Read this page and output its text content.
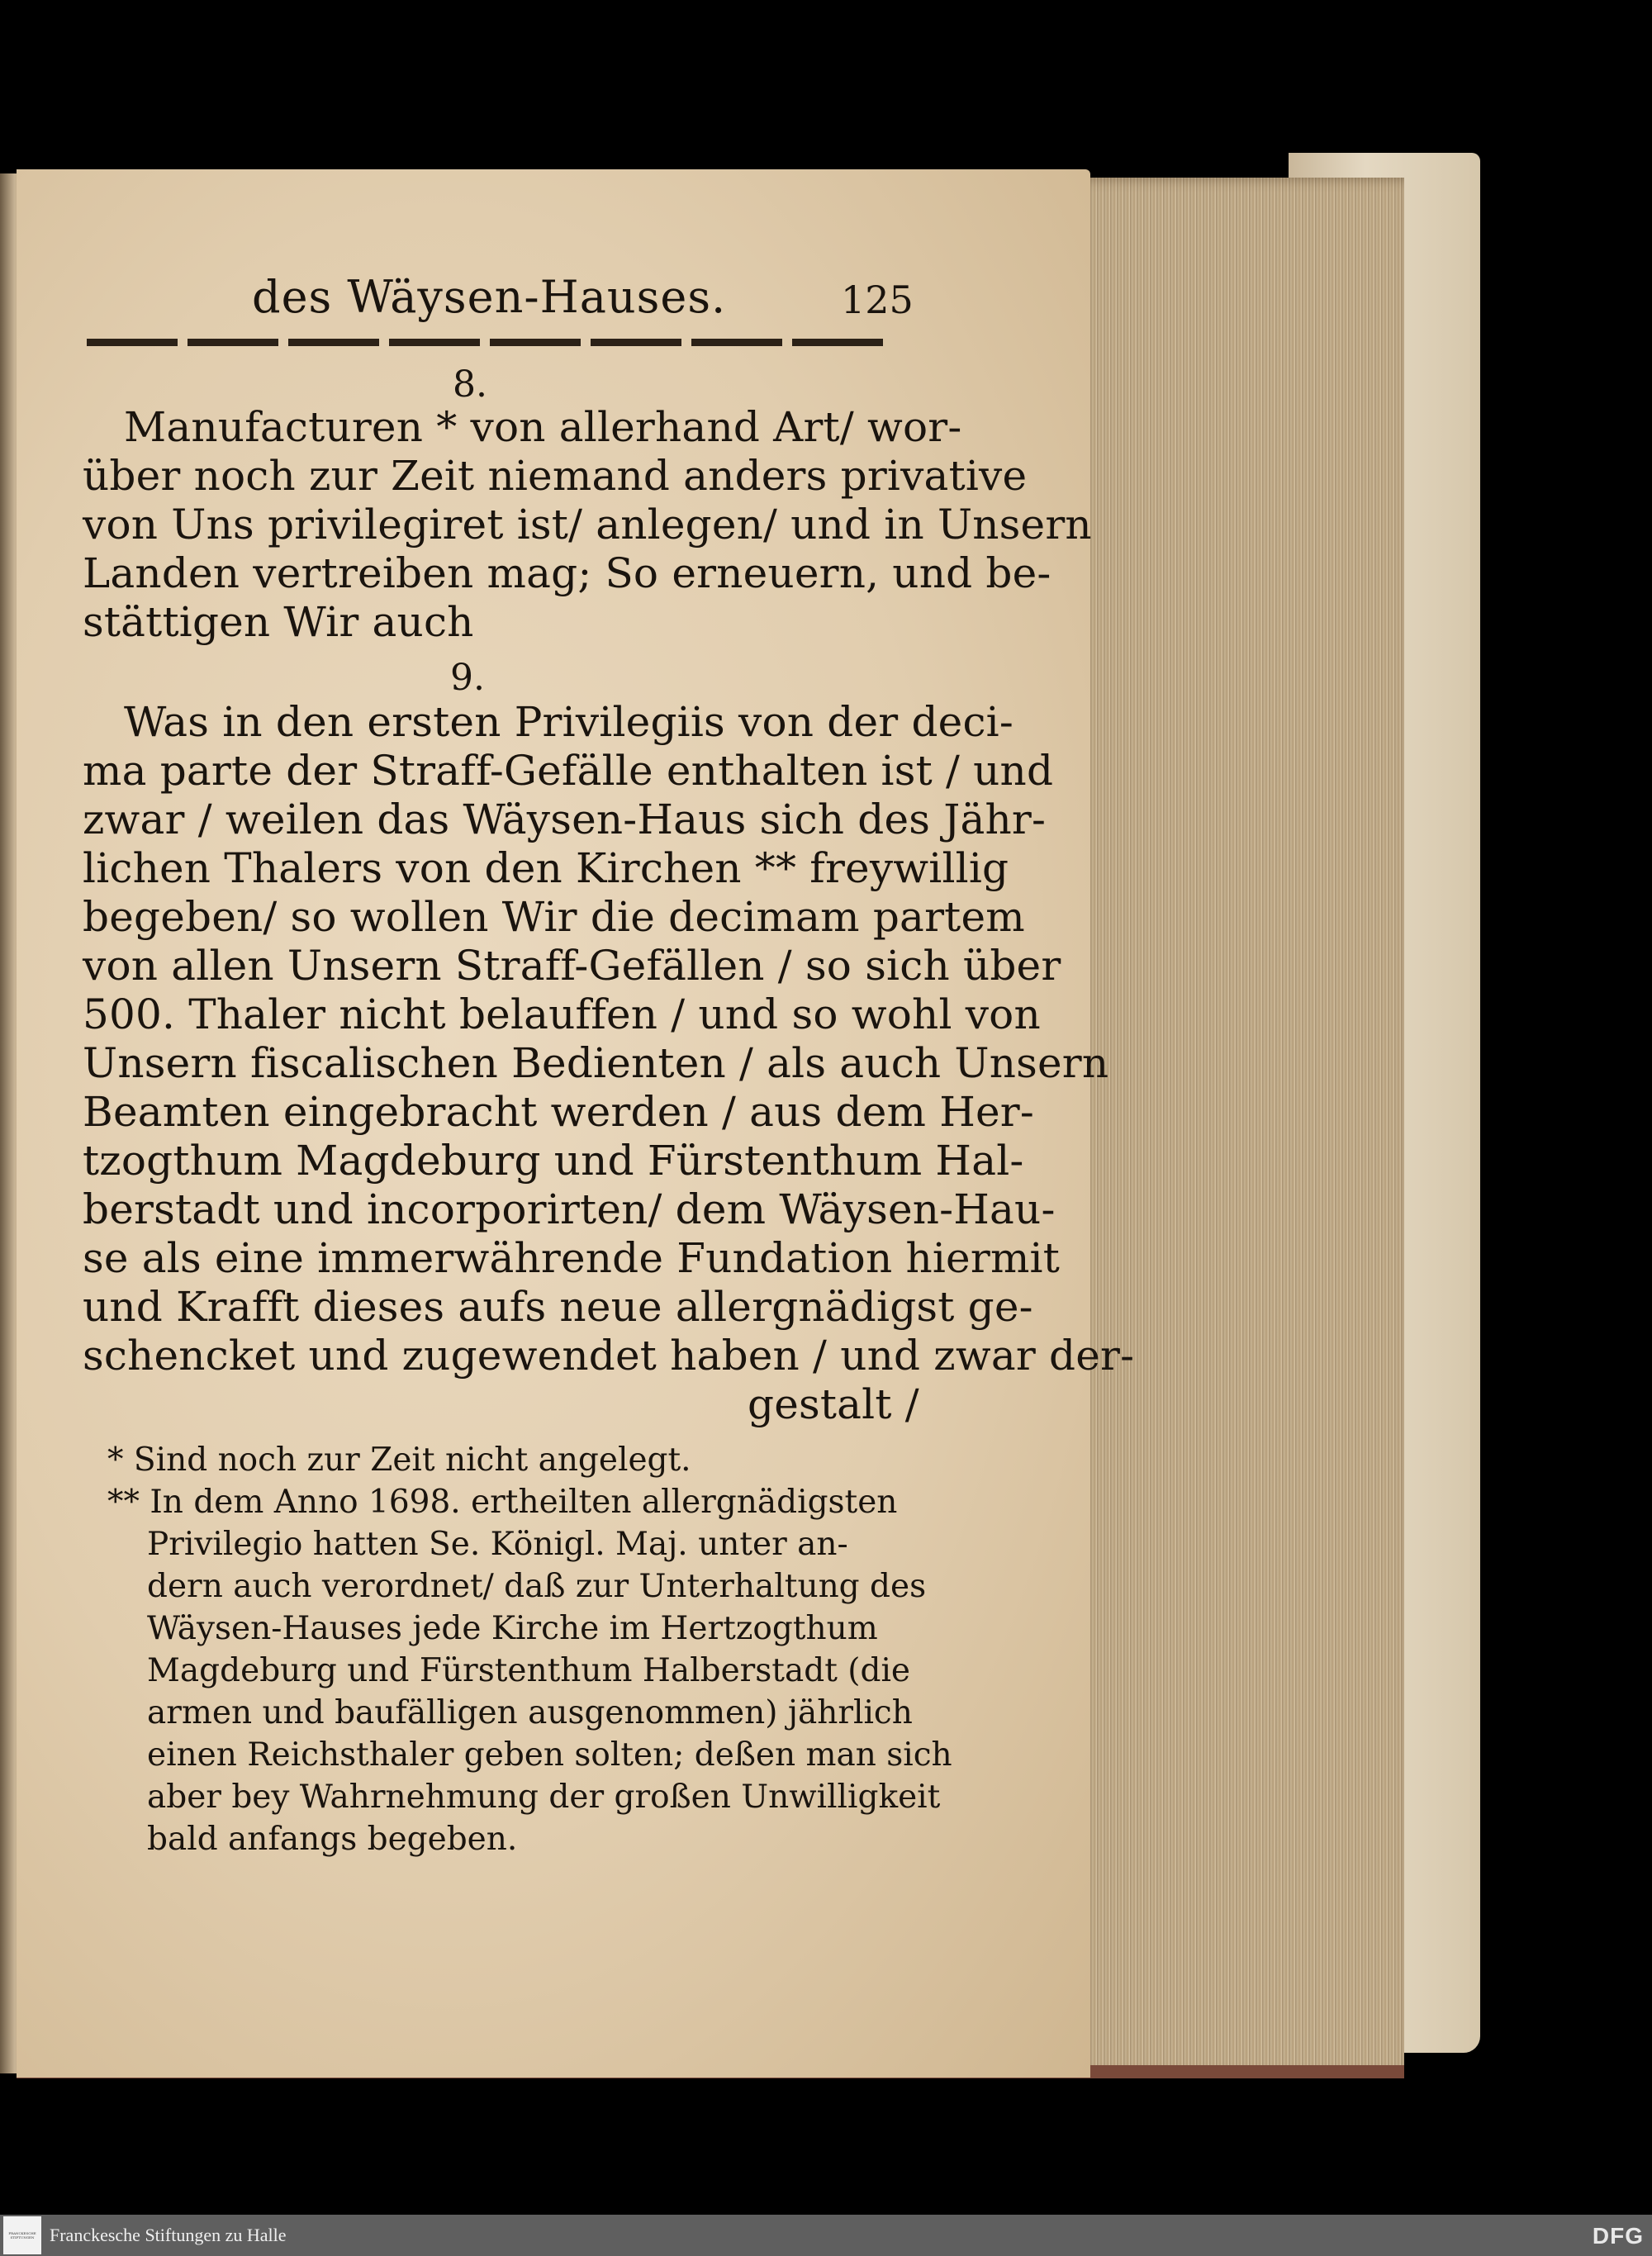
des Wäysen-Hauses.	125
8.
Manufacturen * von allerhand Art/ wor-
über noch zur Zeit niemand anders privative
von Uns privilegiret ist/ anlegen/ und in Unsern
Landen vertreiben mag; So erneuern, und be-
stättigen Wir auch
9.
Was in den ersten Privilegiis von der deci-
ma parte der Straff-Gefälle enthalten ist / und
zwar / weilen das Wäysen-Haus sich des Jähr-
lichen Thalers von den Kirchen ** freywillig
begeben/ so wollen Wir die decimam partem
von allen Unsern Straff-Gefällen / so sich über
500. Thaler nicht belauffen / und so wohl von
Unsern fiscalischen Bedienten / als auch Unsern
Beamten eingebracht werden / aus dem Her-
tzogthum Magdeburg und Fürstenthum Hal-
berstadt und incorporirten/ dem Wäysen-Hau-
se als eine immerwährende Fundation hiermit
und Krafft dieses aufs neue allergnädigst ge-
schencket und zugewendet haben / und zwar der-
gestalt /
* Sind noch zur Zeit nicht angelegt.
** In dem Anno 1698. ertheilten allergnädigsten
Privilegio hatten Se. Königl. Maj. unter an-
dern auch verordnet/ daß zur Unterhaltung des
Wäysen-Hauses jede Kirche im Hertzogthum
Magdeburg und Fürstenthum Halberstadt (die
armen und baufälligen ausgenommen) jährlich
einen Reichsthaler geben solten; deßen man sich
aber bey Wahrnehmung der großen Unwilligkeit
bald anfangs begeben.
FRANCKESCHE STIFTUNGEN Franckesche Stiftungen zu Halle	DFG
